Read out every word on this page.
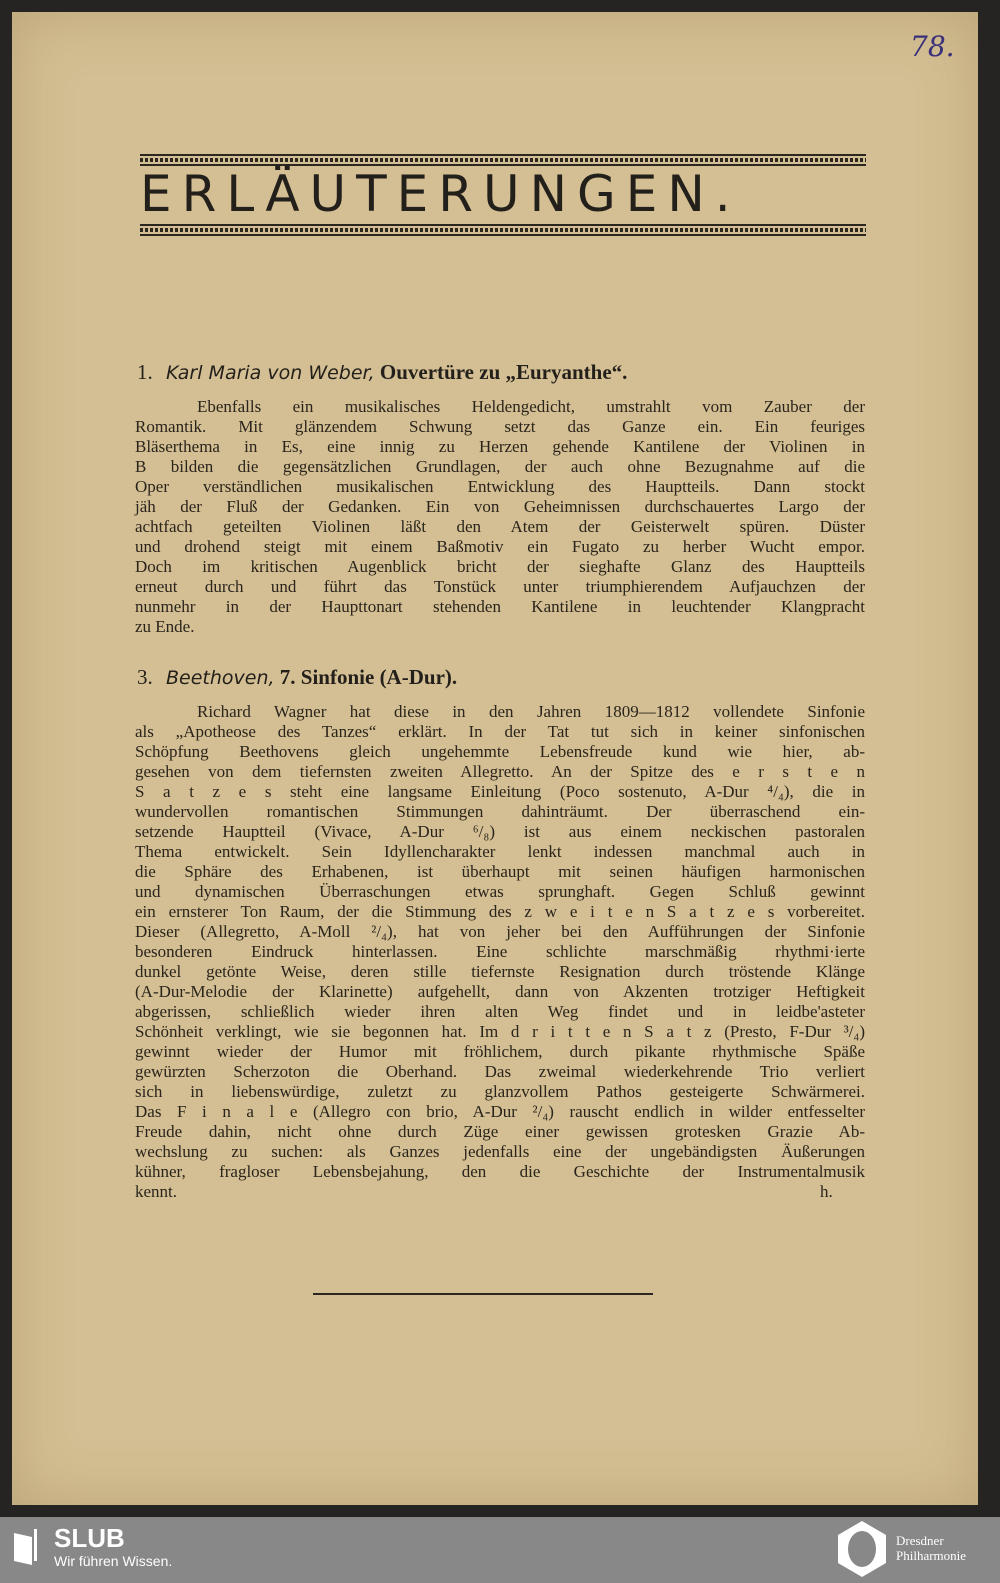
78.
ERLÄUTERUNGEN.
1. Karl Maria von Weber, Ouvertüre zu „Euryanthe“.
Ebenfalls ein musikalisches Heldengedicht, umstrahlt vom Zauber der
Romantik. Mit glänzendem Schwung setzt das Ganze ein. Ein feuriges
Bläserthema in Es, eine innig zu Herzen gehende Kantilene der Violinen in
B bilden die gegensätzlichen Grundlagen, der auch ohne Bezugnahme auf die
Oper verständlichen musikalischen Entwicklung des Hauptteils. Dann stockt
jäh der Fluß der Gedanken. Ein von Geheimnissen durchschauertes Largo der
achtfach geteilten Violinen läßt den Atem der Geisterwelt spüren. Düster
und drohend steigt mit einem Baßmotiv ein Fugato zu herber Wucht empor.
Doch im kritischen Augenblick bricht der sieghafte Glanz des Hauptteils
erneut durch und führt das Tonstück unter triumphierendem Aufjauchzen der
nunmehr in der Haupttonart stehenden Kantilene in leuchtender Klangpracht
zu Ende.
3. Beethoven, 7. Sinfonie (A-Dur).
Richard Wagner hat diese in den Jahren 1809—1812 vollendete Sinfonie
als „Apotheose des Tanzes“ erklärt. In der Tat tut sich in keiner sinfonischen
Schöpfung Beethovens gleich ungehemmte Lebensfreude kund wie hier, ab-
gesehen von dem tiefernsten zweiten Allegretto. An der Spitze des e r s t e n
S a t z e s steht eine langsame Einleitung (Poco sostenuto, A-Dur ⁴/₄), die in
wundervollen romantischen Stimmungen dahinträumt. Der überraschend ein-
setzende Hauptteil (Vivace, A-Dur ⁶/₈) ist aus einem neckischen pastoralen
Thema entwickelt. Sein Idyllencharakter lenkt indessen manchmal auch in
die Sphäre des Erhabenen, ist überhaupt mit seinen häufigen harmonischen
und dynamischen Überraschungen etwas sprunghaft. Gegen Schluß gewinnt
ein ernsterer Ton Raum, der die Stimmung des z w e i t e n S a t z e s vorbereitet.
Dieser (Allegretto, A-Moll ²/₄), hat von jeher bei den Aufführungen der Sinfonie
besonderen Eindruck hinterlassen. Eine schlichte marschmäßig rhythmi·ierte
dunkel getönte Weise, deren stille tiefernste Resignation durch tröstende Klänge
(A-Dur-Melodie der Klarinette) aufgehellt, dann von Akzenten trotziger Heftigkeit
abgerissen, schließlich wieder ihren alten Weg findet und in leidbe'asteter
Schönheit verklingt, wie sie begonnen hat. Im d r i t t e n S a t z (Presto, F-Dur ³/₄)
gewinnt wieder der Humor mit fröhlichem, durch pikante rhythmische Späße
gewürzten Scherzoton die Oberhand. Das zweimal wiederkehrende Trio verliert
sich in liebenswürdige, zuletzt zu glanzvollem Pathos gesteigerte Schwärmerei.
Das F i n a l e (Allegro con brio, A-Dur ²/₄) rauscht endlich in wilder entfesselter
Freude dahin, nicht ohne durch Züge einer gewissen grotesken Grazie Ab-
wechslung zu suchen: als Ganzes jedenfalls eine der ungebändigsten Äußerungen
kühner, fragloser Lebensbejahung, den die Geschichte der Instrumentalmusik
kennt.	h.
SLUB
Wir führen Wissen.
Dresdner
Philharmonie
